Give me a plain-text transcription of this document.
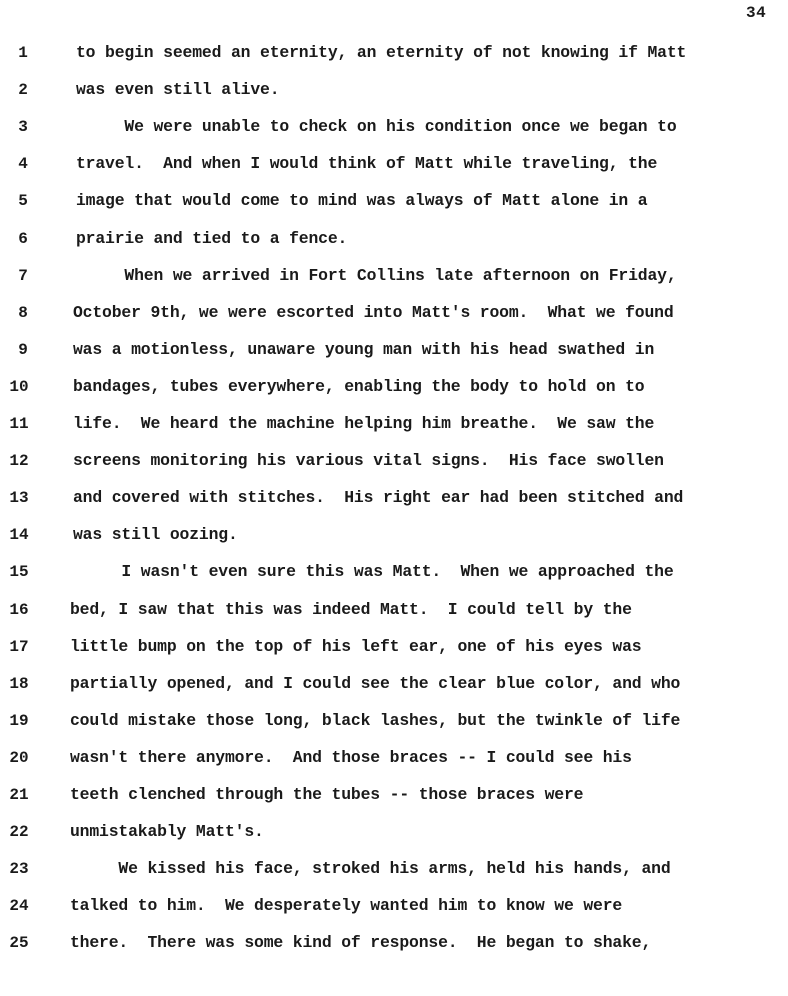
34
1	to begin seemed an eternity, an eternity of not knowing if Matt
2	was even still alive.
3	We were unable to check on his condition once we began to
4	travel.  And when I would think of Matt while traveling, the
5	image that would come to mind was always of Matt alone in a
6	prairie and tied to a fence.
7	When we arrived in Fort Collins late afternoon on Friday,
8	October 9th, we were escorted into Matt's room.  What we found
9	was a motionless, unaware young man with his head swathed in
10	bandages, tubes everywhere, enabling the body to hold on to
11	life.  We heard the machine helping him breathe.  We saw the
12	screens monitoring his various vital signs.  His face swollen
13	and covered with stitches.  His right ear had been stitched and
14	was still oozing.
15	I wasn't even sure this was Matt.  When we approached the
16	bed, I saw that this was indeed Matt.  I could tell by the
17	little bump on the top of his left ear, one of his eyes was
18	partially opened, and I could see the clear blue color, and who
19	could mistake those long, black lashes, but the twinkle of life
20	wasn't there anymore.  And those braces -- I could see his
21	teeth clenched through the tubes -- those braces were
22	unmistakably Matt's.
23	We kissed his face, stroked his arms, held his hands, and
24	talked to him.  We desperately wanted him to know we were
25	there.  There was some kind of response.  He began to shake,
